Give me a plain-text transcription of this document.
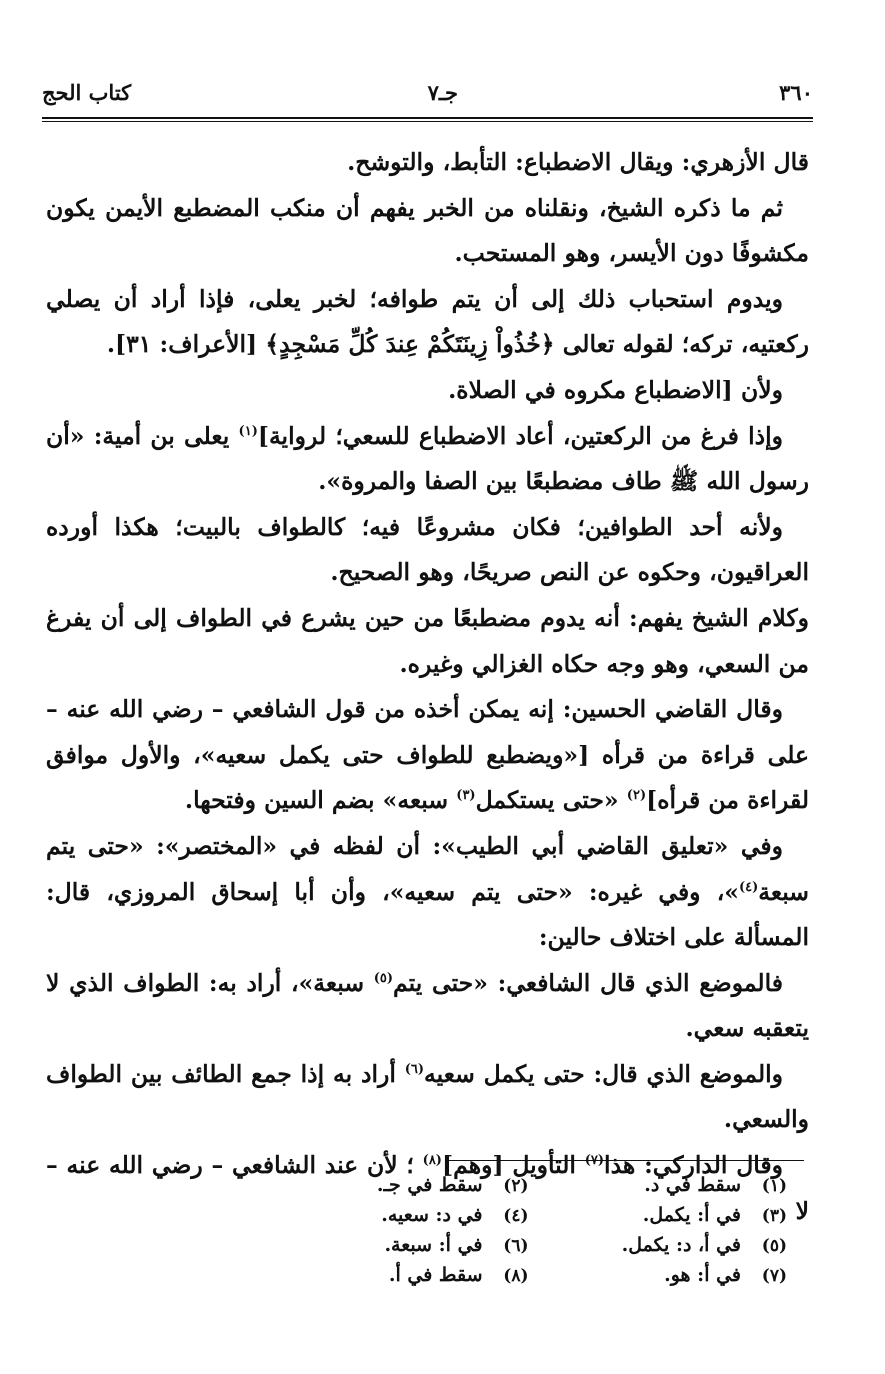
٣٦٠
جـ٧
كتاب الحج

قال الأزهري: ويقال الاضطباع: التأبط، والتوشح.

ثم ما ذكره الشيخ، ونقلناه من الخبر يفهم أن منكب المضطبع الأيمن يكون مكشوفًا دون الأيسر، وهو المستحب.

ويدوم استحباب ذلك إلى أن يتم طوافه؛ لخبر يعلى، فإذا أراد أن يصلي ركعتيه، تركه؛ لقوله تعالى ﴿خُذُواْ زِينَتَكُمْ عِندَ كُلِّ مَسْجِدٍ﴾ [الأعراف: ٣١].

ولأن [الاضطباع مكروه في الصلاة.

وإذا فرغ من الركعتين، أعاد الاضطباع للسعي؛ لرواية]$^{(١)}$ يعلى بن أمية: «أن رسول الله ﷺ طاف مضطبعًا بين الصفا والمروة».

ولأنه أحد الطوافين؛ فكان مشروعًا فيه؛ كالطواف بالبيت؛ هكذا أورده العراقيون، وحكوه عن النص صريحًا، وهو الصحيح.

وكلام الشيخ يفهم: أنه يدوم مضطبعًا من حين يشرع في الطواف إلى أن يفرغ من السعي، وهو وجه حكاه الغزالي وغيره.

وقال القاضي الحسين: إنه يمكن أخذه من قول الشافعي – رضي الله عنه – على قراءة من قرأه [«ويضطبع للطواف حتى يكمل سعيه»، والأول موافق لقراءة من قرأه]$^{(٢)}$ «حتى يستكمل$^{(٣)}$ سبعه» بضم السين وفتحها.

وفي «تعليق القاضي أبي الطيب»: أن لفظه في «المختصر»: «حتى يتم سبعة$^{(٤)}$»، وفي غيره: «حتى يتم سعيه»، وأن أبا إسحاق المروزي، قال: المسألة على اختلاف حالين:

فالموضع الذي قال الشافعي: «حتى يتم$^{(٥)}$ سبعة»، أراد به: الطواف الذي لا يتعقبه سعي.

والموضع الذي قال: حتى يكمل سعيه$^{(٦)}$ أراد به إذا جمع الطائف بين الطواف والسعي.

وقال الداركي: هذا$^{(٧)}$ التأويل [وهم]$^{(٨)}$ ؛ لأن عند الشافعي – رضي الله عنه – لا

(١)سقط في د.
(٢)سقط في جـ.
(٣)في أ: يكمل.
(٤)في د: سعيه.
(٥)في أ، د: يكمل.
(٦)في أ: سبعة.
(٧)في أ: هو.
(٨)سقط في أ.
